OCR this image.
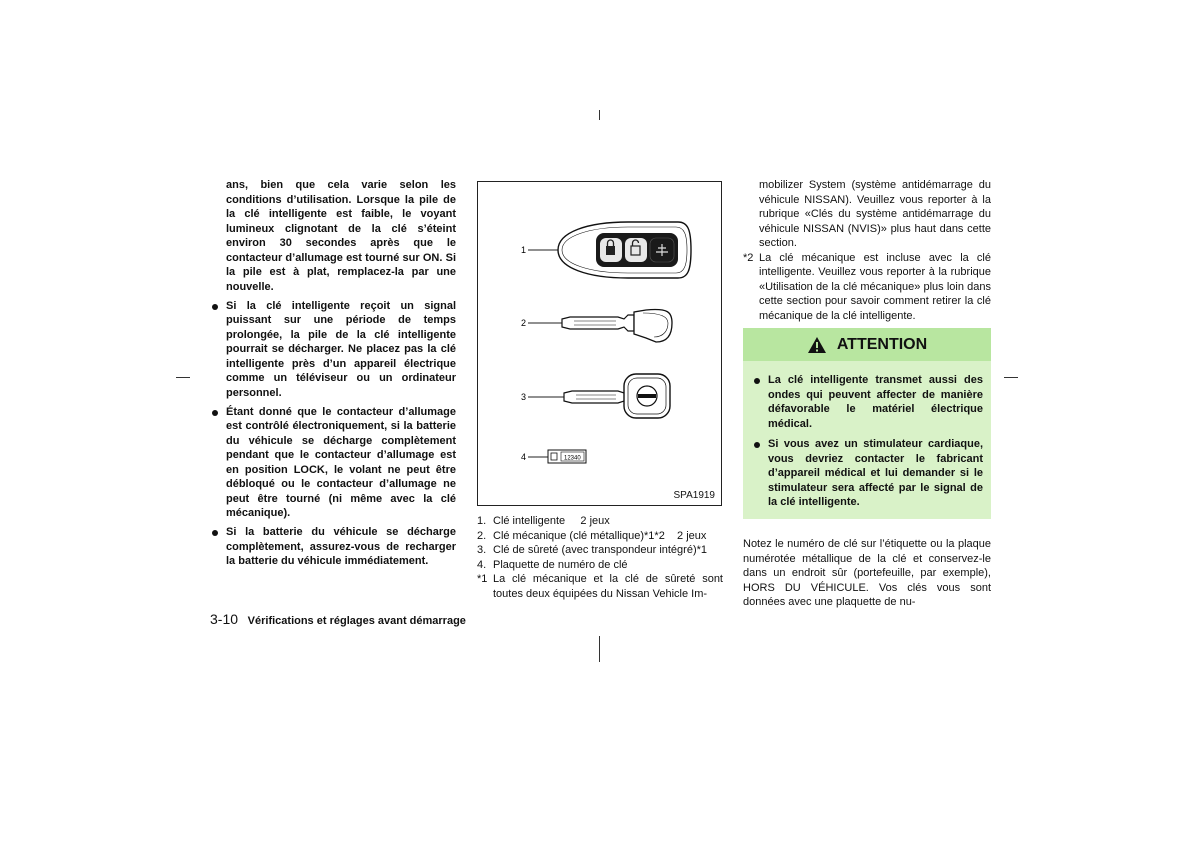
ans, bien que cela varie selon les conditions d’utilisation. Lorsque la pile de la clé intelligente est faible, le voyant lumineux clignotant de la clé s’éteint environ 30 secondes après que le contacteur d’allumage est tourné sur ON. Si la pile est à plat, remplacez-la par une nouvelle.

Si la clé intelligente reçoit un signal puissant sur une période de temps prolongée, la pile de la clé intelligente pourrait se décharger. Ne placez pas la clé intelligente près d’un appareil électrique comme un téléviseur ou un ordinateur personnel.
Étant donné que le contacteur d’allumage est contrôlé électroniquement, si la batterie du véhicule se décharge complètement pendant que le contacteur d’allumage est en position LOCK, le volant ne peut être débloqué ou le contacteur d’allumage ne peut être tourné (ni même avec la clé mécanique).
Si la batterie du véhicule se décharge complètement, assurez-vous de recharger la batterie du véhicule immédiatement.
1
2
3
4	12340
SPA1919
1. Clé intelligente     2 jeux
2. Clé mécanique (clé métallique)*1*2    2 jeux
3. Clé de sûreté (avec transpondeur intégré)*1
4. Plaquette de numéro de clé
*1 La clé mécanique et la clé de sûreté sont toutes deux équipées du Nissan Vehicle Im-

mobilizer System (système antidémarrage du véhicule NISSAN). Veuillez vous reporter à la rubrique «Clés du système antidémarrage du véhicule NISSAN (NVIS)» plus haut dans cette section.

*2 La clé mécanique est incluse avec la clé intelligente. Veuillez vous reporter à la rubrique «Utilisation de la clé mécanique» plus loin dans cette section pour savoir comment retirer la clé mécanique de la clé intelligente.
ATTENTION
La clé intelligente transmet aussi des ondes qui peuvent affecter de manière défavorable le matériel électrique médical.
Si vous avez un stimulateur cardiaque, vous devriez contacter le fabricant d’appareil médical et lui demander si le stimulateur sera affecté par le signal de la clé intelligente.
Notez le numéro de clé sur l’étiquette ou la plaque numérotée métallique de la clé et conservez-le dans un endroit sûr (portefeuille, par exemple), HORS DU VÉHICULE. Vos clés vous sont données avec une plaquette de nu-
3-10 Vérifications et réglages avant démarrage
